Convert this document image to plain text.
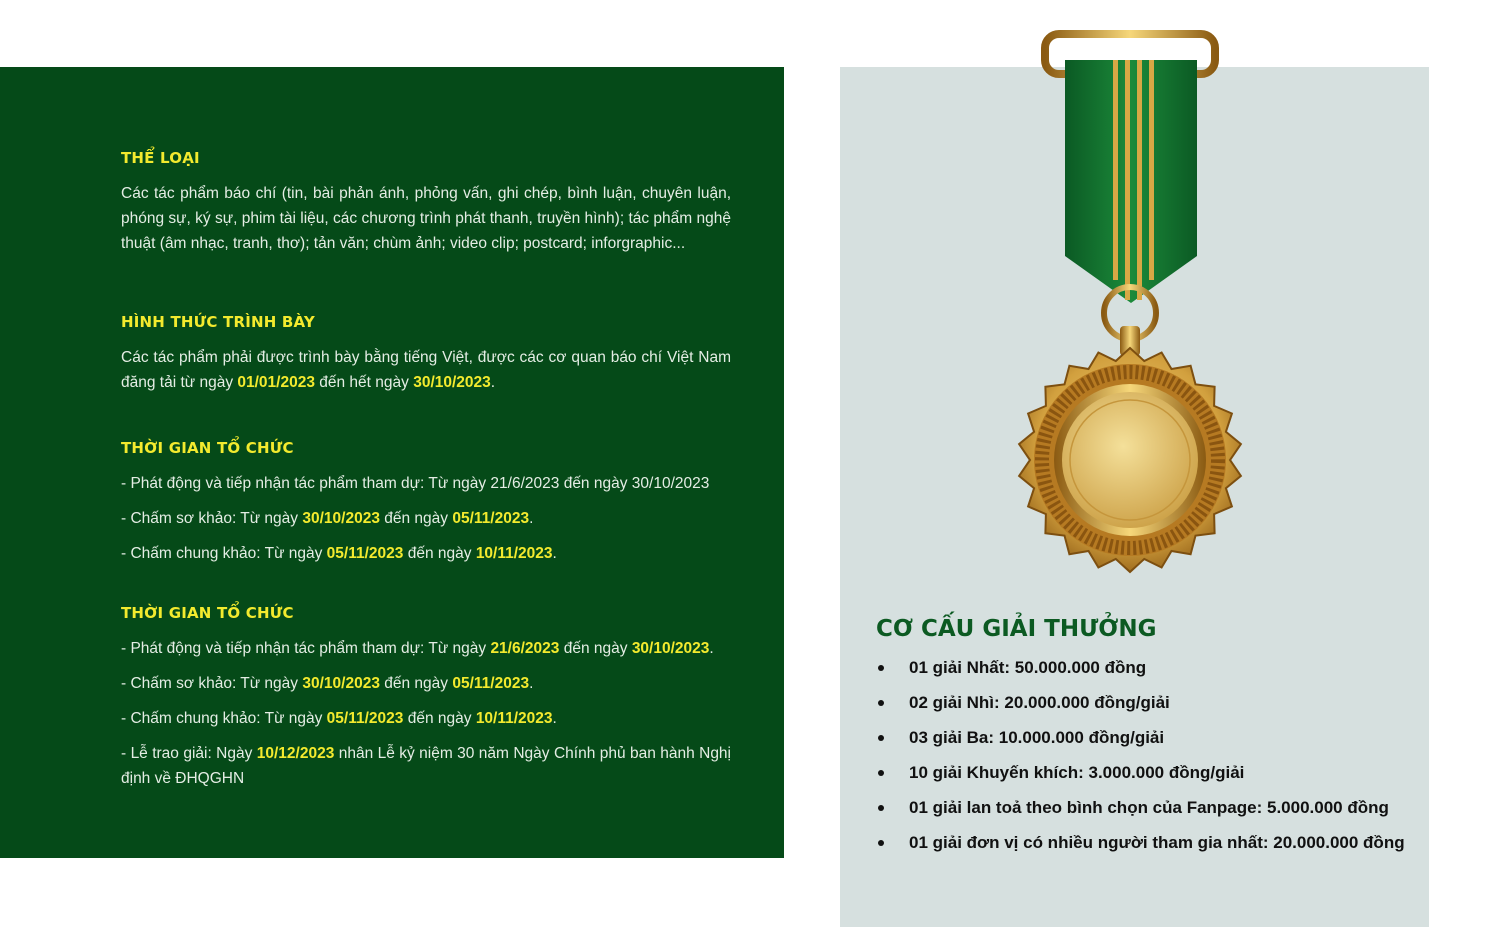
THỂ LOẠI

Các tác phẩm báo chí (tin, bài phản ánh, phỏng vấn, ghi chép, bình luận, chuyên luận, phóng sự, ký sự, phim tài liệu, các chương trình phát thanh, truyền hình); tác phẩm nghệ thuật (âm nhạc, tranh, thơ); tản văn; chùm ảnh; video clip; postcard; inforgraphic...

HÌNH THỨC TRÌNH BÀY

Các tác phẩm phải được trình bày bằng tiếng Việt, được các cơ quan báo chí Việt Nam đăng tải từ ngày 01/01/2023 đến hết ngày 30/10/2023.

THỜI GIAN TỔ CHỨC

- Phát động và tiếp nhận tác phẩm tham dự: Từ ngày 21/6/2023 đến ngày 30/10/2023

- Chấm sơ khảo: Từ ngày 30/10/2023 đến ngày 05/11/2023.

- Chấm chung khảo: Từ ngày 05/11/2023 đến ngày 10/11/2023.

THỜI GIAN TỔ CHỨC

- Phát động và tiếp nhận tác phẩm tham dự: Từ ngày 21/6/2023 đến ngày 30/10/2023.

- Chấm sơ khảo: Từ ngày 30/10/2023 đến ngày 05/11/2023.

- Chấm chung khảo: Từ ngày 05/11/2023 đến ngày 10/11/2023.

- Lễ trao giải: Ngày 10/12/2023 nhân Lễ kỷ niệm 30 năm Ngày Chính phủ ban hành Nghị định về ĐHQGHN

CƠ CẤU GIẢI THƯỞNG
01 giải Nhất: 50.000.000 đồng
02 giải Nhì: 20.000.000 đồng/giải
03 giải Ba: 10.000.000 đồng/giải
10 giải Khuyến khích: 3.000.000 đồng/giải
01 giải lan toả theo bình chọn của Fanpage: 5.000.000 đồng
01 giải đơn vị có nhiều người tham gia nhất: 20.000.000 đồng
